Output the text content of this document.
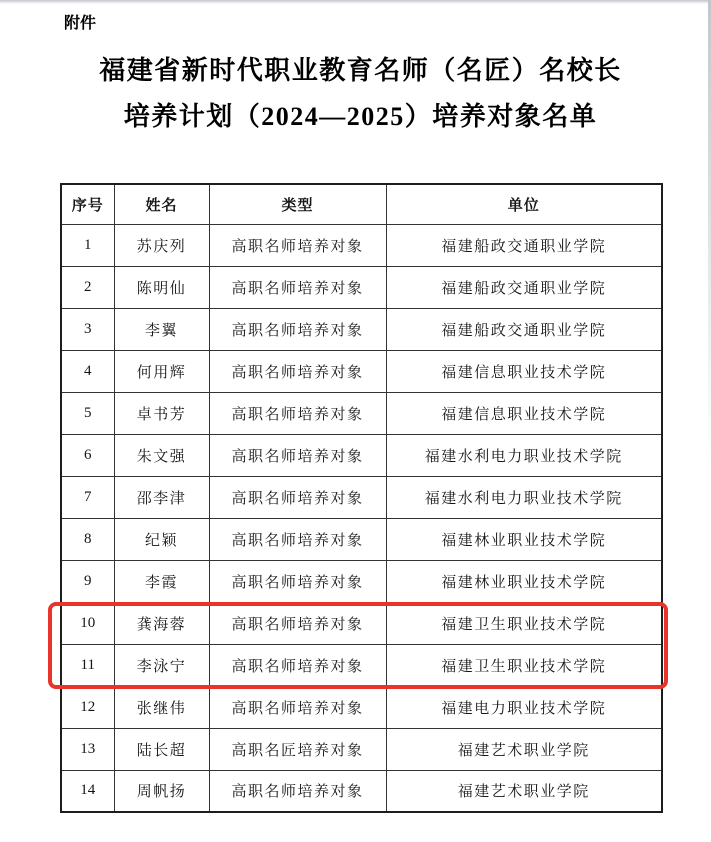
附件
福建省新时代职业教育名师（名匠）名校长
培养计划（2024—2025）培养对象名单
序号	姓名	类型	单位
1	苏庆列	高职名师培养对象	福建船政交通职业学院
2	陈明仙	高职名师培养对象	福建船政交通职业学院
3	李翼	高职名师培养对象	福建船政交通职业学院
4	何用辉	高职名师培养对象	福建信息职业技术学院
5	卓书芳	高职名师培养对象	福建信息职业技术学院
6	朱文强	高职名师培养对象	福建水利电力职业技术学院
7	邵李津	高职名师培养对象	福建水利电力职业技术学院
8	纪颖	高职名师培养对象	福建林业职业技术学院
9	李霞	高职名师培养对象	福建林业职业技术学院
10	龚海蓉	高职名师培养对象	福建卫生职业技术学院
11	李泳宁	高职名师培养对象	福建卫生职业技术学院
12	张继伟	高职名师培养对象	福建电力职业技术学院
13	陆长超	高职名匠培养对象	福建艺术职业学院
14	周帆扬	高职名师培养对象	福建艺术职业学院
